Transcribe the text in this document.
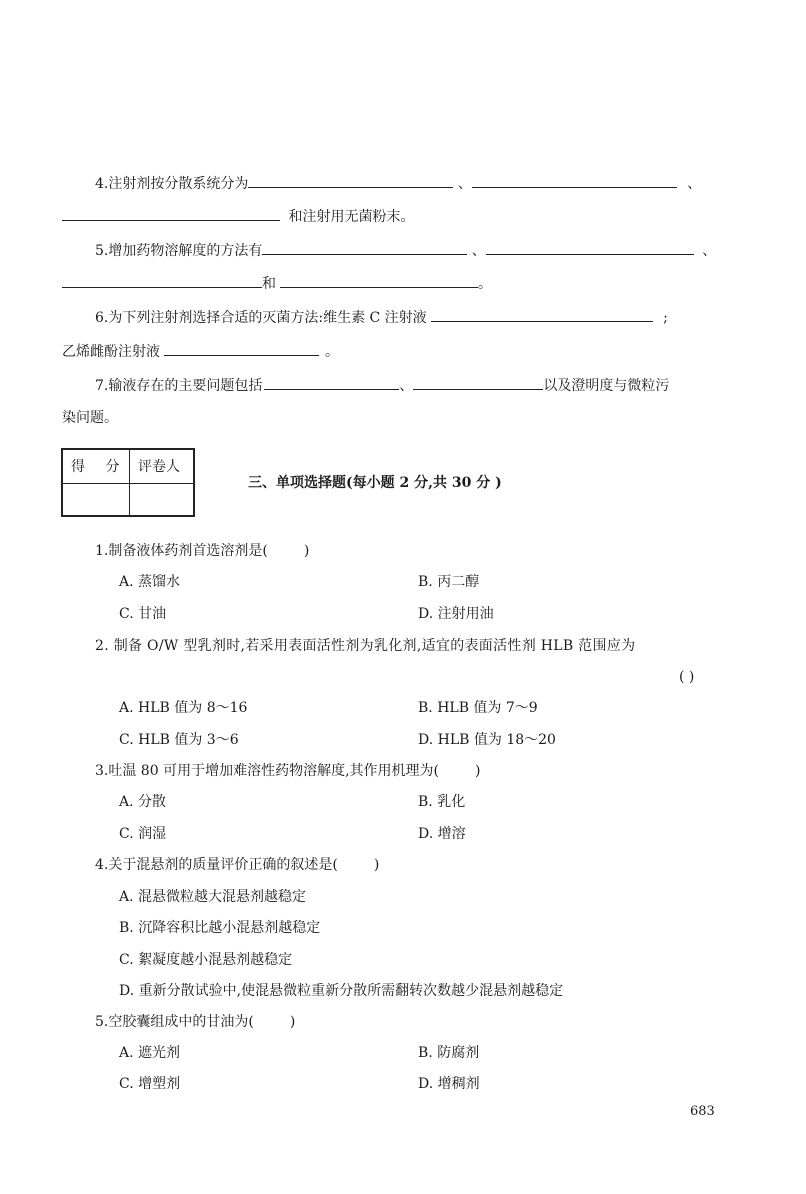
4.注射剂按分散系统分为	、	、
和注射用无菌粉末。
5.增加药物溶解度的方法有	、	、
和	。
6.为下列注射剂选择合适的灭菌方法:维生素 C 注射液	;
乙烯雌酚注射液	。
7.输液存在的主要问题包括	、	以及澄明度与微粒污
染问题。
得 分 评卷人
三、单项选择题(每小题 2 分,共 30 分 )
1.制备液体药剂首选溶剂是(	)
A. 蒸馏水	B. 丙二醇
C. 甘油	D. 注射用油
2. 制备 O/W 型乳剂时,若采用表面活性剂为乳化剂,适宜的表面活性剂 HLB 范围应为
( )
A. HLB 值为 8～16	B. HLB 值为 7～9
C. HLB 值为 3～6	D. HLB 值为 18～20
3.吐温 80 可用于增加难溶性药物溶解度,其作用机理为(	)
A. 分散	B. 乳化
C. 润湿	D. 增溶
4.关于混悬剂的质量评价正确的叙述是(	)
A. 混悬微粒越大混悬剂越稳定
B. 沉降容积比越小混悬剂越稳定
C. 絮凝度越小混悬剂越稳定
D. 重新分散试验中,使混悬微粒重新分散所需翻转次数越少混悬剂越稳定
5.空胶囊组成中的甘油为(	)
A. 遮光剂	B. 防腐剂
C. 增塑剂	D. 增稠剂
683
